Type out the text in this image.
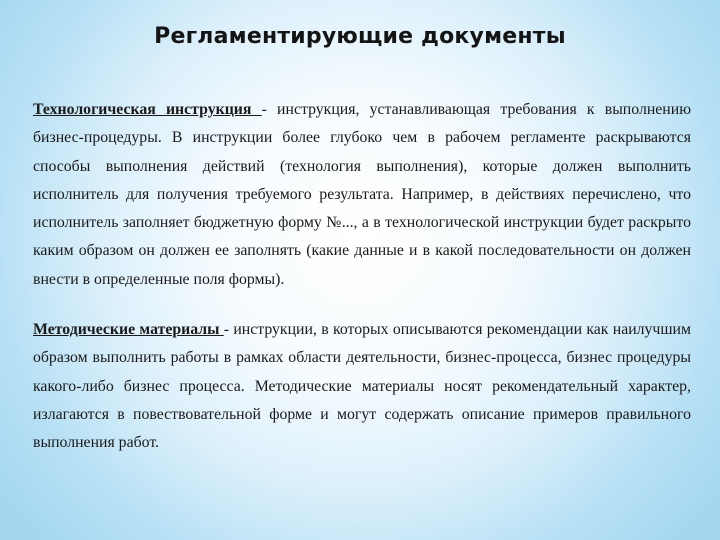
Регламентирующие документы

Технологическая инструкция - инструкция, устанавливающая требования к выполнению бизнес-процедуры. В инструкции более глубоко чем в рабочем регламенте раскрываются способы выполнения действий (технология выполнения), которые должен выполнить исполнитель для получения требуемого результата. Например, в действиях перечислено, что исполнитель заполняет бюджетную форму №..., а в технологической инструкции будет раскрыто каким образом он должен ее заполнять (какие данные и в какой последовательности он должен внести в определенные поля формы).

Методические материалы - инструкции, в которых описываются рекомендации как наилучшим образом выполнить работы в рамках области деятельности, бизнес-процесса, бизнес процедуры какого-либо бизнес процесса. Методические материалы носят рекомендательный характер, излагаются в повествовательной форме и могут содержать описание примеров правильного выполнения работ.
